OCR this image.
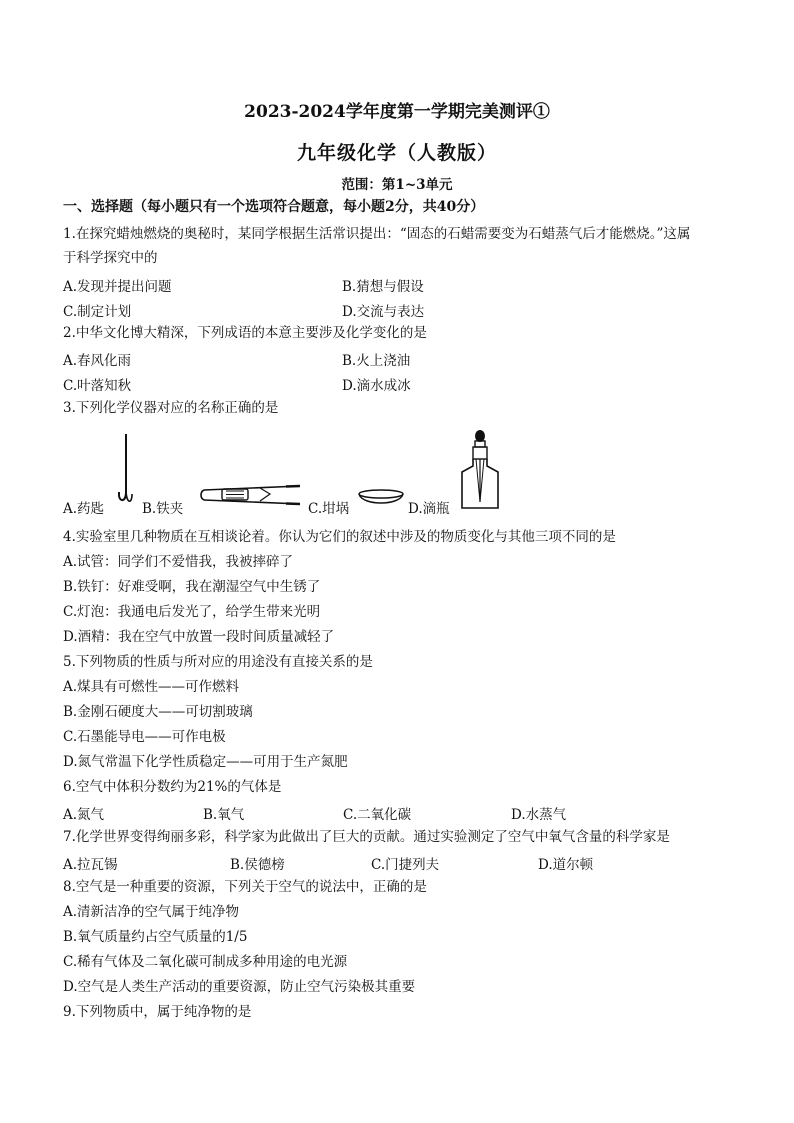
2023-2024学年度第一学期完美测评①
九年级化学（人教版）
范围：第1~3单元
一、选择题（每小题只有一个选项符合题意，每小题2分，共40分）
1.在探究蜡烛燃烧的奥秘时，某同学根据生活常识提出：“固态的石蜡需要变为石蜡蒸气后才能燃烧。”这属
于科学探究中的
A.发现并提出问题	B.猜想与假设
C.制定计划	D.交流与表达
2.中华文化博大精深，下列成语的本意主要涉及化学变化的是
A.春风化雨	B.火上浇油
C.叶落知秋	D.滴水成冰
3.下列化学仪器对应的名称正确的是
A.药匙	B.铁夹	C.坩埚	D.滴瓶
4.实验室里几种物质在互相谈论着。你认为它们的叙述中涉及的物质变化与其他三项不同的是
A.试管：同学们不爱惜我，我被摔碎了
B.铁钉：好难受啊，我在潮湿空气中生锈了
C.灯泡：我通电后发光了，给学生带来光明
D.酒精：我在空气中放置一段时间质量减轻了
5.下列物质的性质与所对应的用途没有直接关系的是
A.煤具有可燃性——可作燃料
B.金刚石硬度大——可切割玻璃
C.石墨能导电——可作电极
D.氮气常温下化学性质稳定——可用于生产氮肥
6.空气中体积分数约为21%的气体是
A.氮气	B.氧气	C.二氧化碳	D.水蒸气
7.化学世界变得绚丽多彩，科学家为此做出了巨大的贡献。通过实验测定了空气中氧气含量的科学家是
A.拉瓦锡	B.侯德榜	C.门捷列夫	D.道尔顿
8.空气是一种重要的资源，下列关于空气的说法中，正确的是
A.清新洁净的空气属于纯净物
B.氧气质量约占空气质量的1/5
C.稀有气体及二氧化碳可制成多种用途的电光源
D.空气是人类生产活动的重要资源，防止空气污染极其重要
9.下列物质中，属于纯净物的是
